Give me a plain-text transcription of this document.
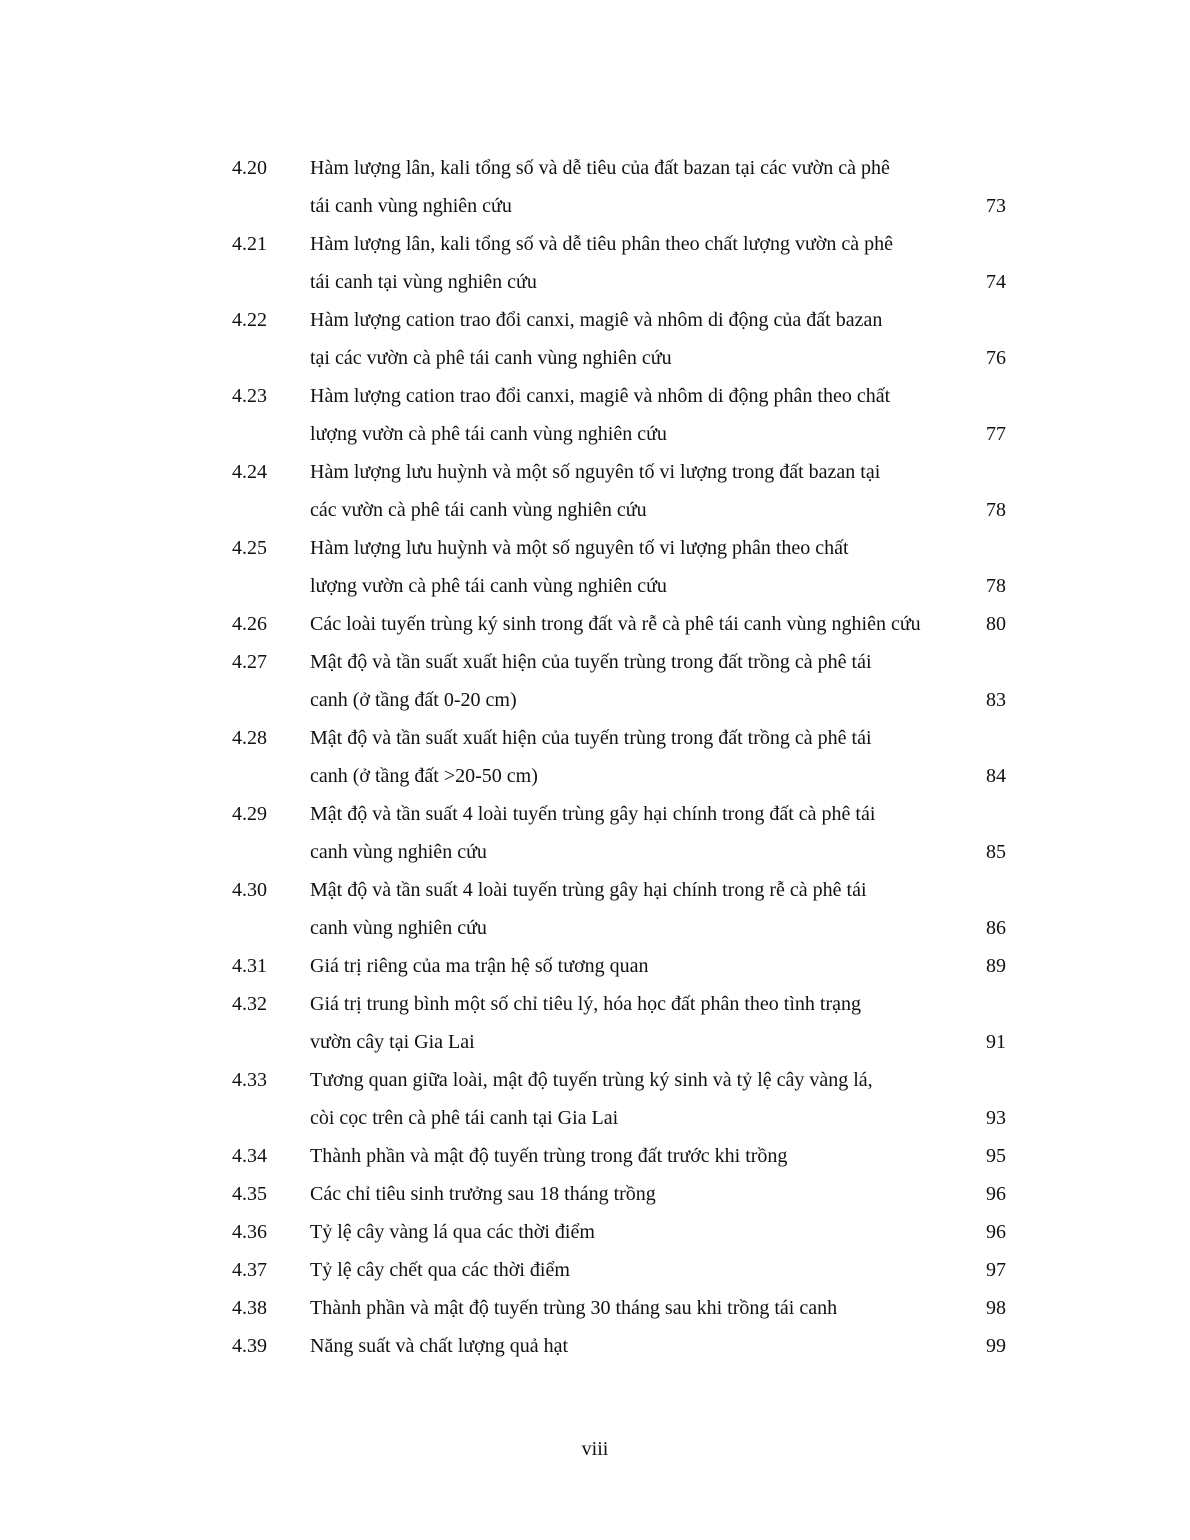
4.20	Hàm lượng lân, kali tổng số và dễ tiêu của đất bazan tại các vườn cà phê
tái canh vùng nghiên cứu	73
4.21	Hàm lượng lân, kali tổng số và dễ tiêu phân theo chất lượng vườn cà phê
tái canh tại vùng nghiên cứu	74
4.22	Hàm lượng cation trao đổi canxi, magiê và nhôm di động của đất bazan
tại các vườn cà phê tái canh vùng nghiên cứu	76
4.23	Hàm lượng cation trao đổi canxi, magiê và nhôm di động phân theo chất
lượng vườn cà phê tái canh vùng nghiên cứu	77
4.24	Hàm lượng lưu huỳnh và một số nguyên tố vi lượng trong đất bazan tại
các vườn cà phê tái canh vùng nghiên cứu	78
4.25	Hàm lượng lưu huỳnh và một số nguyên tố vi lượng phân theo chất
lượng vườn cà phê tái canh vùng nghiên cứu	78
4.26	Các loài tuyến trùng ký sinh trong đất và rễ cà phê tái canh vùng nghiên cứu	80
4.27	Mật độ và tần suất xuất hiện của tuyến trùng trong đất trồng cà phê tái
canh (ở tầng đất 0-20 cm)	83
4.28	Mật độ và tần suất xuất hiện của tuyến trùng trong đất trồng cà phê tái
canh (ở tầng đất >20-50 cm)	84
4.29	Mật độ và tần suất 4 loài tuyến trùng gây hại chính trong đất cà phê tái
canh vùng nghiên cứu	85
4.30	Mật độ và tần suất 4 loài tuyến trùng gây hại chính trong rễ cà phê tái
canh vùng nghiên cứu	86
4.31	Giá trị riêng của ma trận hệ số tương quan	89
4.32	Giá trị trung bình một số chỉ tiêu lý, hóa học đất phân theo tình trạng
vườn cây tại Gia Lai	91
4.33	Tương quan giữa loài, mật độ tuyến trùng ký sinh và tỷ lệ cây vàng lá,
còi cọc trên cà phê tái canh tại Gia Lai	93
4.34	Thành phần và mật độ tuyến trùng trong đất trước khi trồng	95
4.35	Các chỉ tiêu sinh trưởng sau 18 tháng trồng	96
4.36	Tỷ lệ cây vàng lá qua các thời điểm	96
4.37	Tỷ lệ cây chết qua các thời điểm	97
4.38	Thành phần và mật độ tuyến trùng 30 tháng sau khi trồng tái canh	98
4.39	Năng suất và chất lượng quả hạt	99
viii
